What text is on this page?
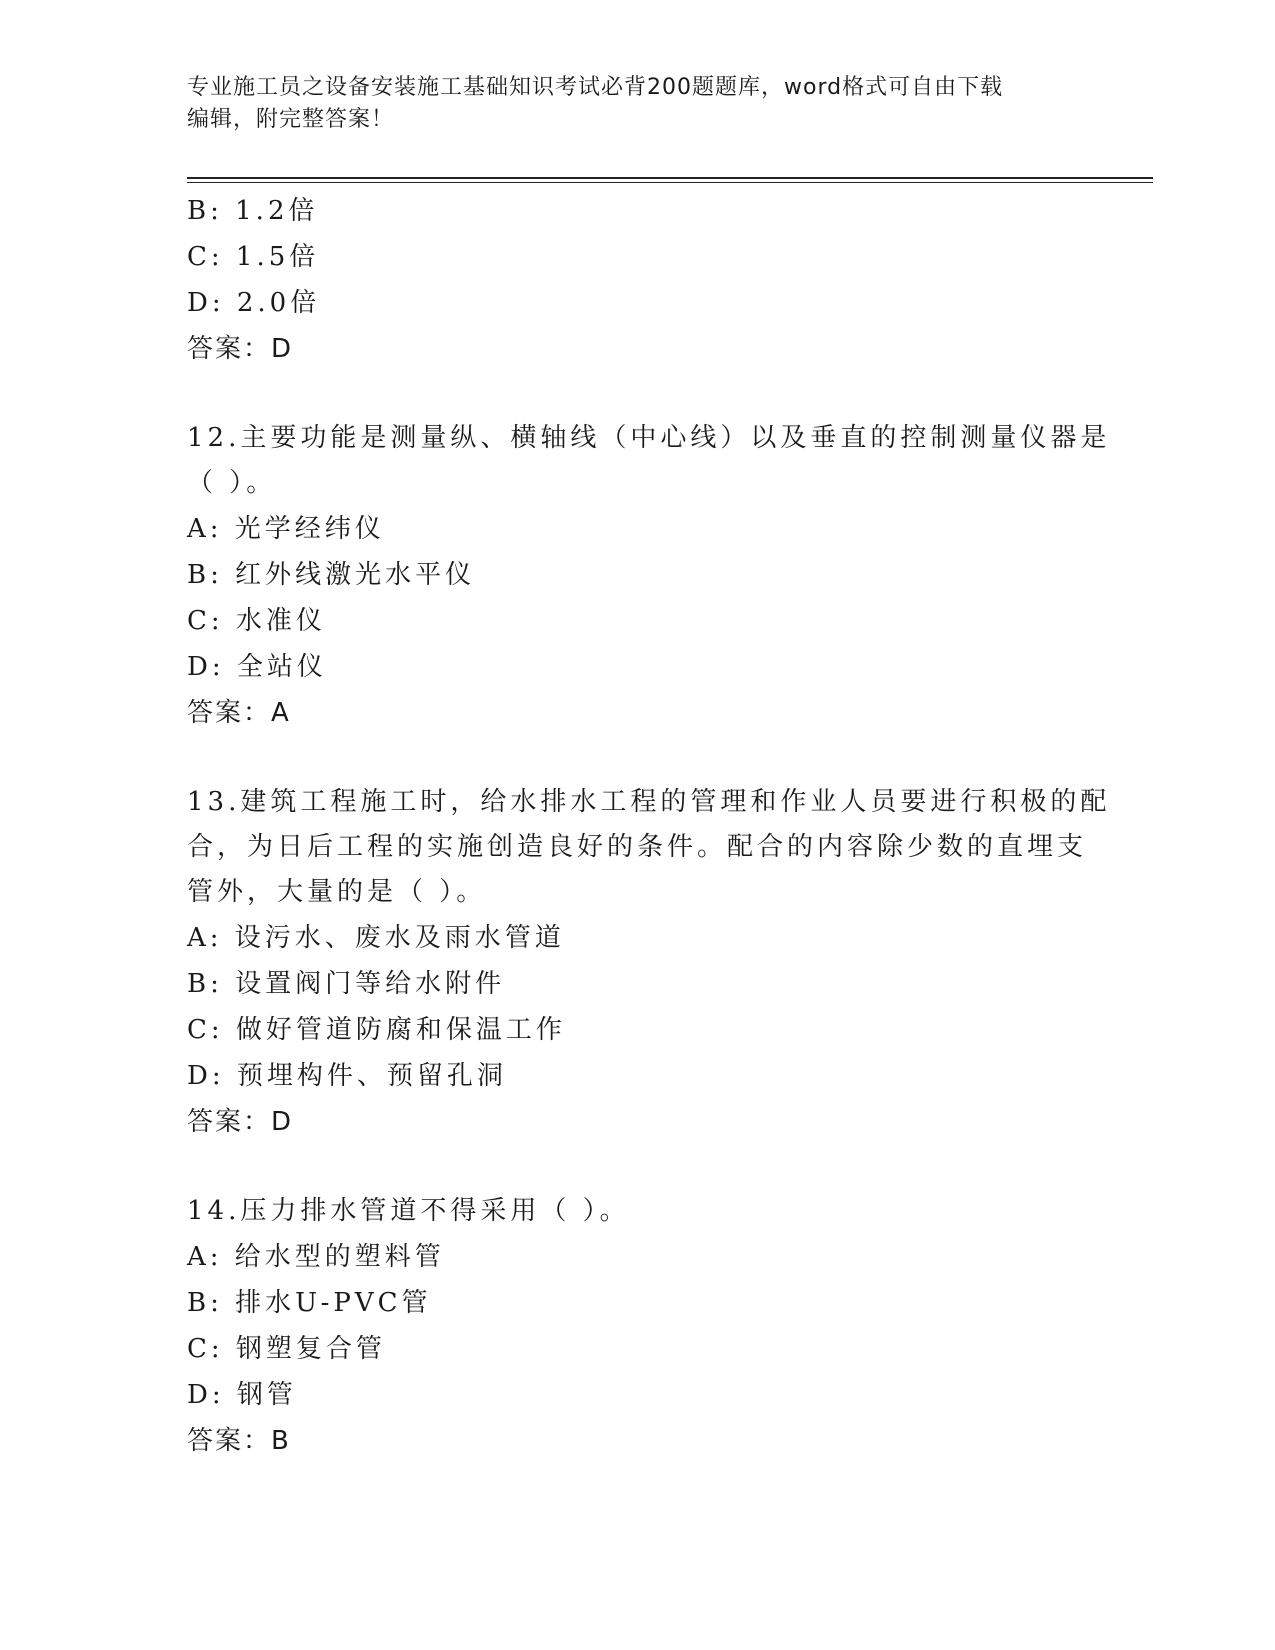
专业施工员之设备安装施工基础知识考试必背200题题库，word格式可自由下载
编辑，附完整答案！
B: 1.2倍
C: 1.5倍
D: 2.0倍
答案：D
12.主要功能是测量纵、横轴线（中心线）以及垂直的控制测量仪器是
（ ）。
A: 光学经纬仪
B: 红外线激光水平仪
C: 水准仪
D: 全站仪
答案：A
13.建筑工程施工时，给水排水工程的管理和作业人员要进行积极的配
合，为日后工程的实施创造良好的条件。配合的内容除少数的直埋支
管外，大量的是（ ）。
A: 设污水、废水及雨水管道
B: 设置阀门等给水附件
C: 做好管道防腐和保温工作
D: 预埋构件、预留孔洞
答案：D
14.压力排水管道不得采用（ ）。
A: 给水型的塑料管
B: 排水U-PVC管
C: 钢塑复合管
D: 钢管
答案：B
